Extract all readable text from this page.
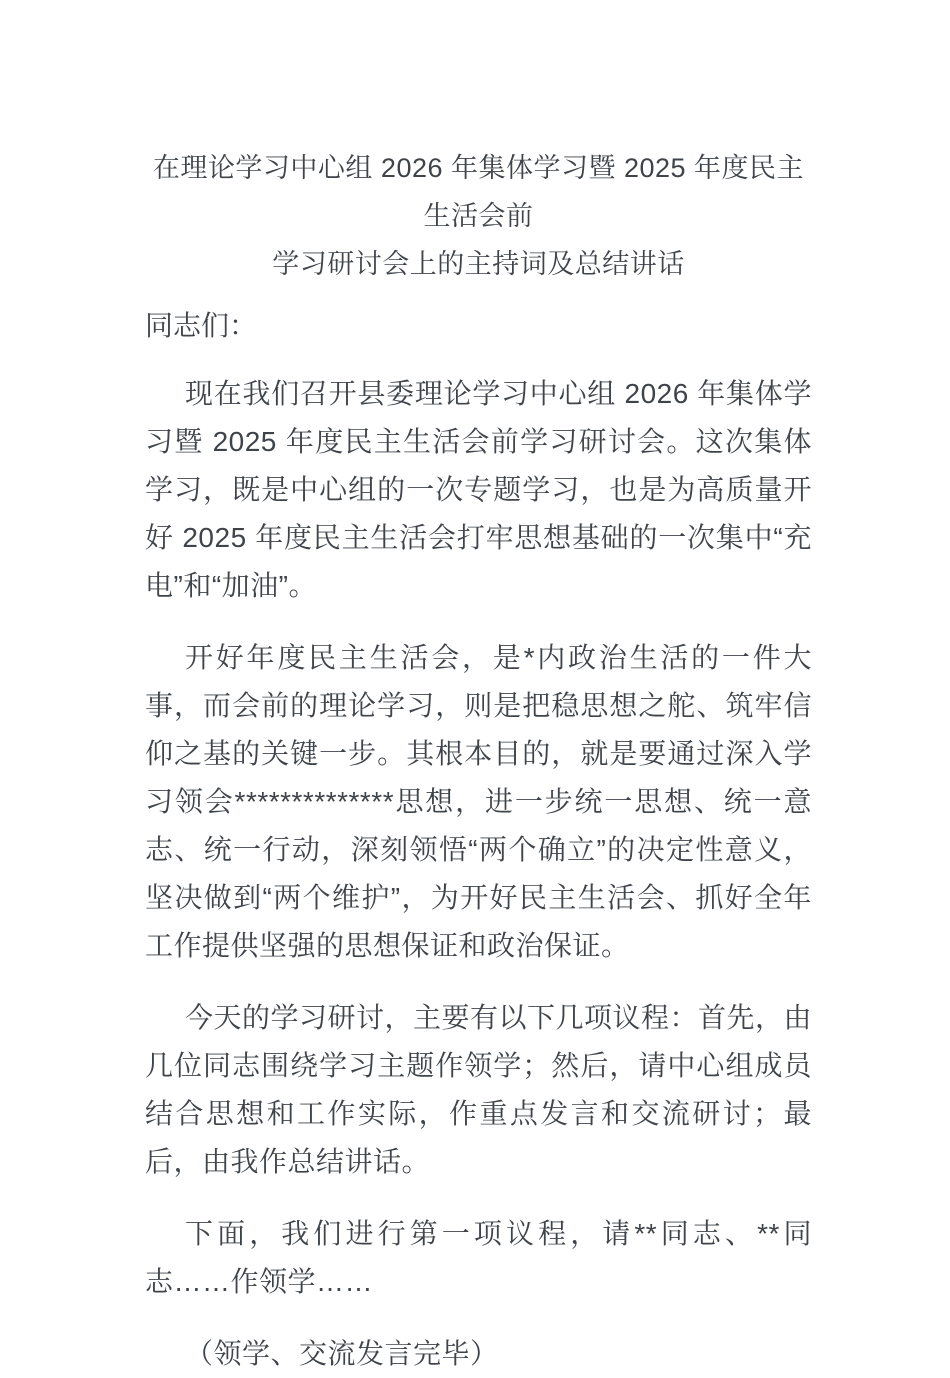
在理论学习中心组 2026 年集体学习暨 2025 年度民主生活会前
学习研讨会上的主持词及总结讲话

同志们：

现在我们召开县委理论学习中心组 2026 年集体学习暨 2025 年度民主生活会前学习研讨会。这次集体学习，既是中心组的一次专题学习，也是为高质量开好 2025 年度民主生活会打牢思想基础的一次集中“充电”和“加油”。

开好年度民主生活会，是*内政治生活的一件大事，而会前的理论学习，则是把稳思想之舵、筑牢信仰之基的关键一步。其根本目的，就是要通过深入学习领会**************思想，进一步统一思想、统一意志、统一行动，深刻领悟“两个确立”的决定性意义，坚决做到“两个维护”，为开好民主生活会、抓好全年工作提供坚强的思想保证和政治保证。

今天的学习研讨，主要有以下几项议程：首先，由几位同志围绕学习主题作领学；然后，请中心组成员结合思想和工作实际，作重点发言和交流研讨；最后，由我作总结讲话。

下面，我们进行第一项议程，请**同志、**同志……作领学……

（领学、交流发言完毕）
